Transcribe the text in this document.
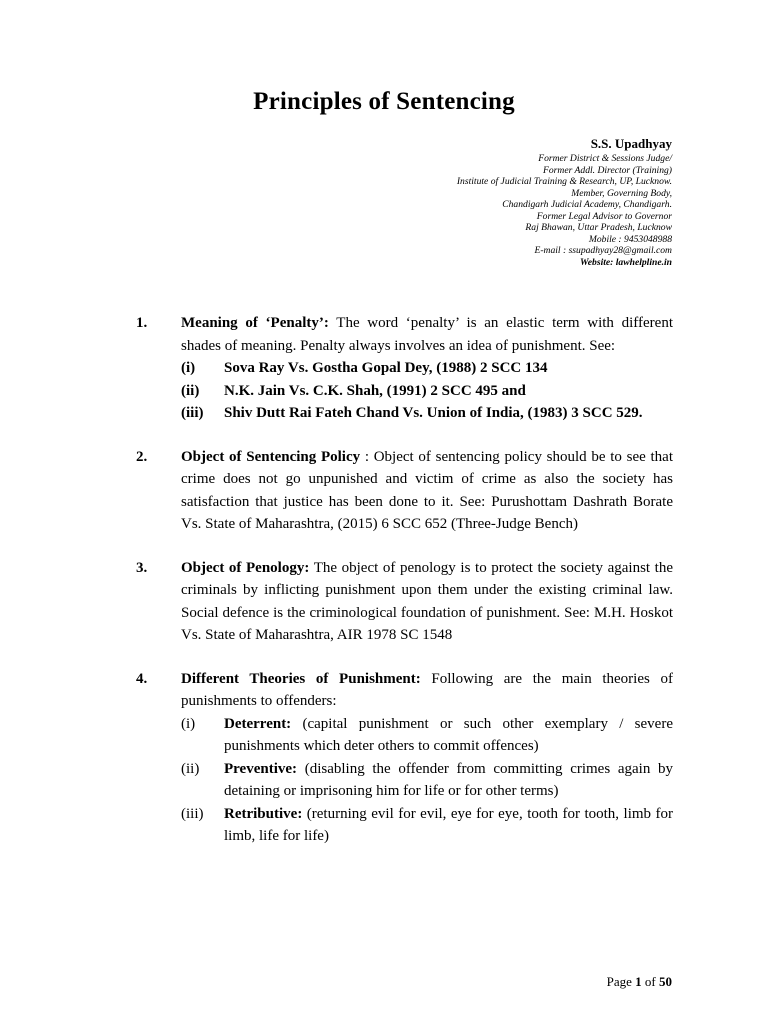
Principles of Sentencing
S.S. Upadhyay
Former District & Sessions Judge/
Former Addl. Director (Training)
Institute of Judicial Training & Research, UP, Lucknow.
Member, Governing Body,
Chandigarh Judicial Academy, Chandigarh.
Former Legal Advisor to Governor
Raj Bhawan, Uttar Pradesh, Lucknow
Mobile : 9453048988
E-mail : ssupadhyay28@gmail.com
Website: lawhelpline.in
1. Meaning of ‘Penalty’: The word ‘penalty’ is an elastic term with different shades of meaning. Penalty always involves an idea of punishment. See:
(i) Sova Ray Vs. Gostha Gopal Dey, (1988) 2 SCC 134
(ii) N.K. Jain Vs. C.K. Shah, (1991) 2 SCC 495 and
(iii) Shiv Dutt Rai Fateh Chand Vs. Union of India, (1983) 3 SCC 529.
2. Object of Sentencing Policy : Object of sentencing policy should be to see that crime does not go unpunished and victim of crime as also the society has satisfaction that justice has been done to it. See: Purushottam Dashrath Borate Vs. State of Maharashtra, (2015) 6 SCC 652 (Three-Judge Bench)
3. Object of Penology: The object of penology is to protect the society against the criminals by inflicting punishment upon them under the existing criminal law. Social defence is the criminological foundation of punishment. See: M.H. Hoskot Vs. State of Maharashtra, AIR 1978 SC 1548
4. Different Theories of Punishment: Following are the main theories of punishments to offenders:
(i) Deterrent: (capital punishment or such other exemplary / severe punishments which deter others to commit offences)
(ii) Preventive: (disabling the offender from committing crimes again by detaining or imprisoning him for life or for other terms)
(iii) Retributive: (returning evil for evil, eye for eye, tooth for tooth, limb for limb, life for life)
Page 1 of 50
